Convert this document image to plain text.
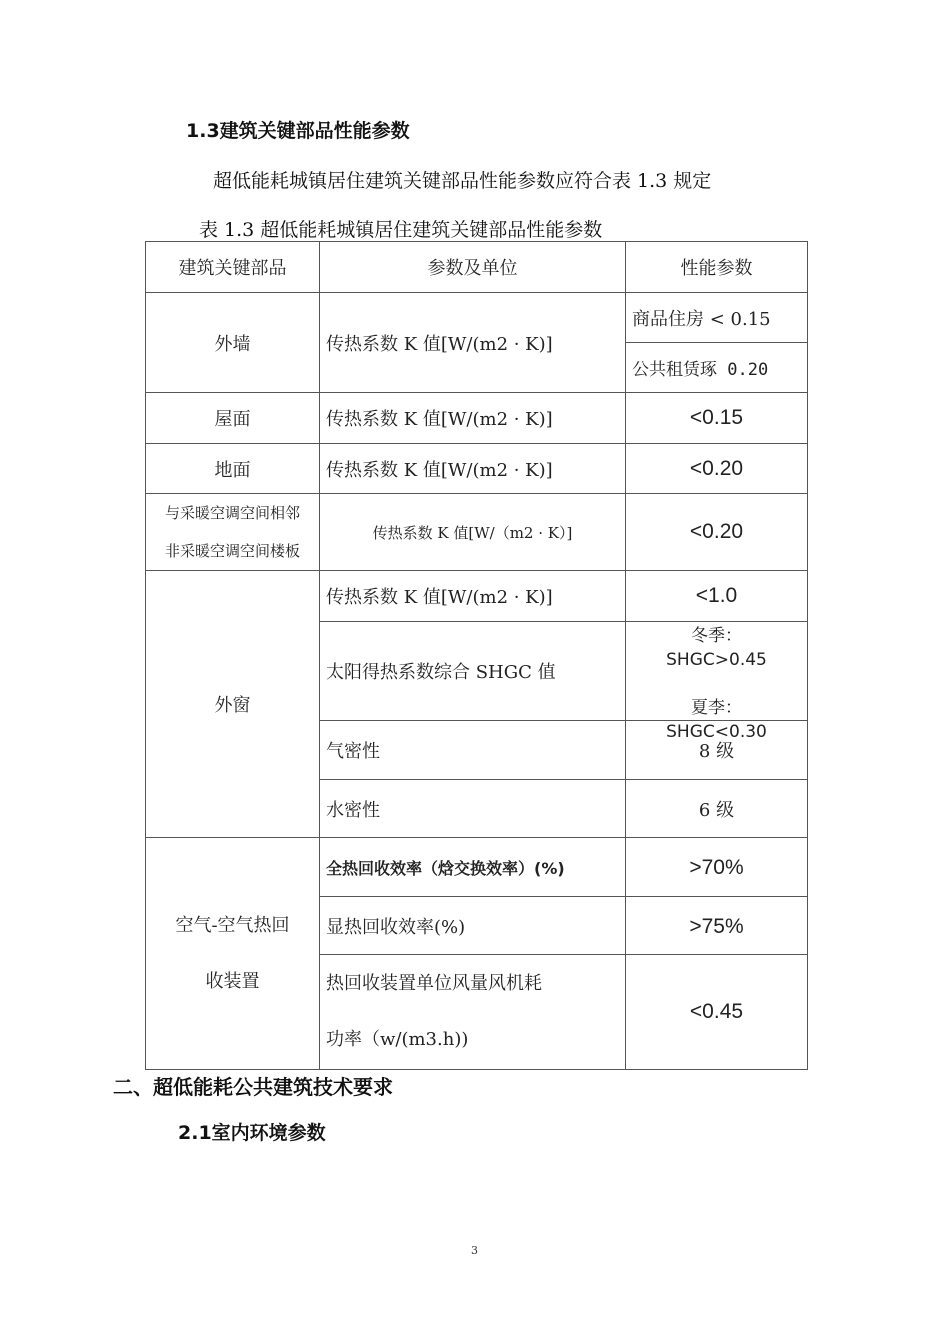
1.3建筑关键部品性能参数
超低能耗城镇居住建筑关键部品性能参数应符合表 1.3 规定
表 1.3 超低能耗城镇居住建筑关键部品性能参数
建筑关键部品	参数及单位	性能参数
外墙	传热系数 K 值[W/(m2 · K)]	商品住房 < 0.15
		公共租赁琢 0.20
屋面	传热系数 K 值[W/(m2 · K)]	<0.15
地面	传热系数 K 值[W/(m2 · K)]	<0.20

与采暖空调空间相邻
非采暖空调空间楼板	传热系数 K 值[W/（m2 · K）]	<0.20
外窗	传热系数 K 值[W/(m2 · K)]	<1.0
	太阳得热系数综合 SHGC 值	冬季：
SHGC>0.45
夏李：
SHGC<0.30

	气密性	8 级
	水密性	6 级

空气-空气热回
收装置	全热回收效率（焓交换效率）(%)	>70%
	显热回收效率(%)	>75%

	热回收装置单位风量风机耗
功率（w/(m3.h))	<0.45
二、超低能耗公共建筑技术要求
2.1室内环境参数
3
